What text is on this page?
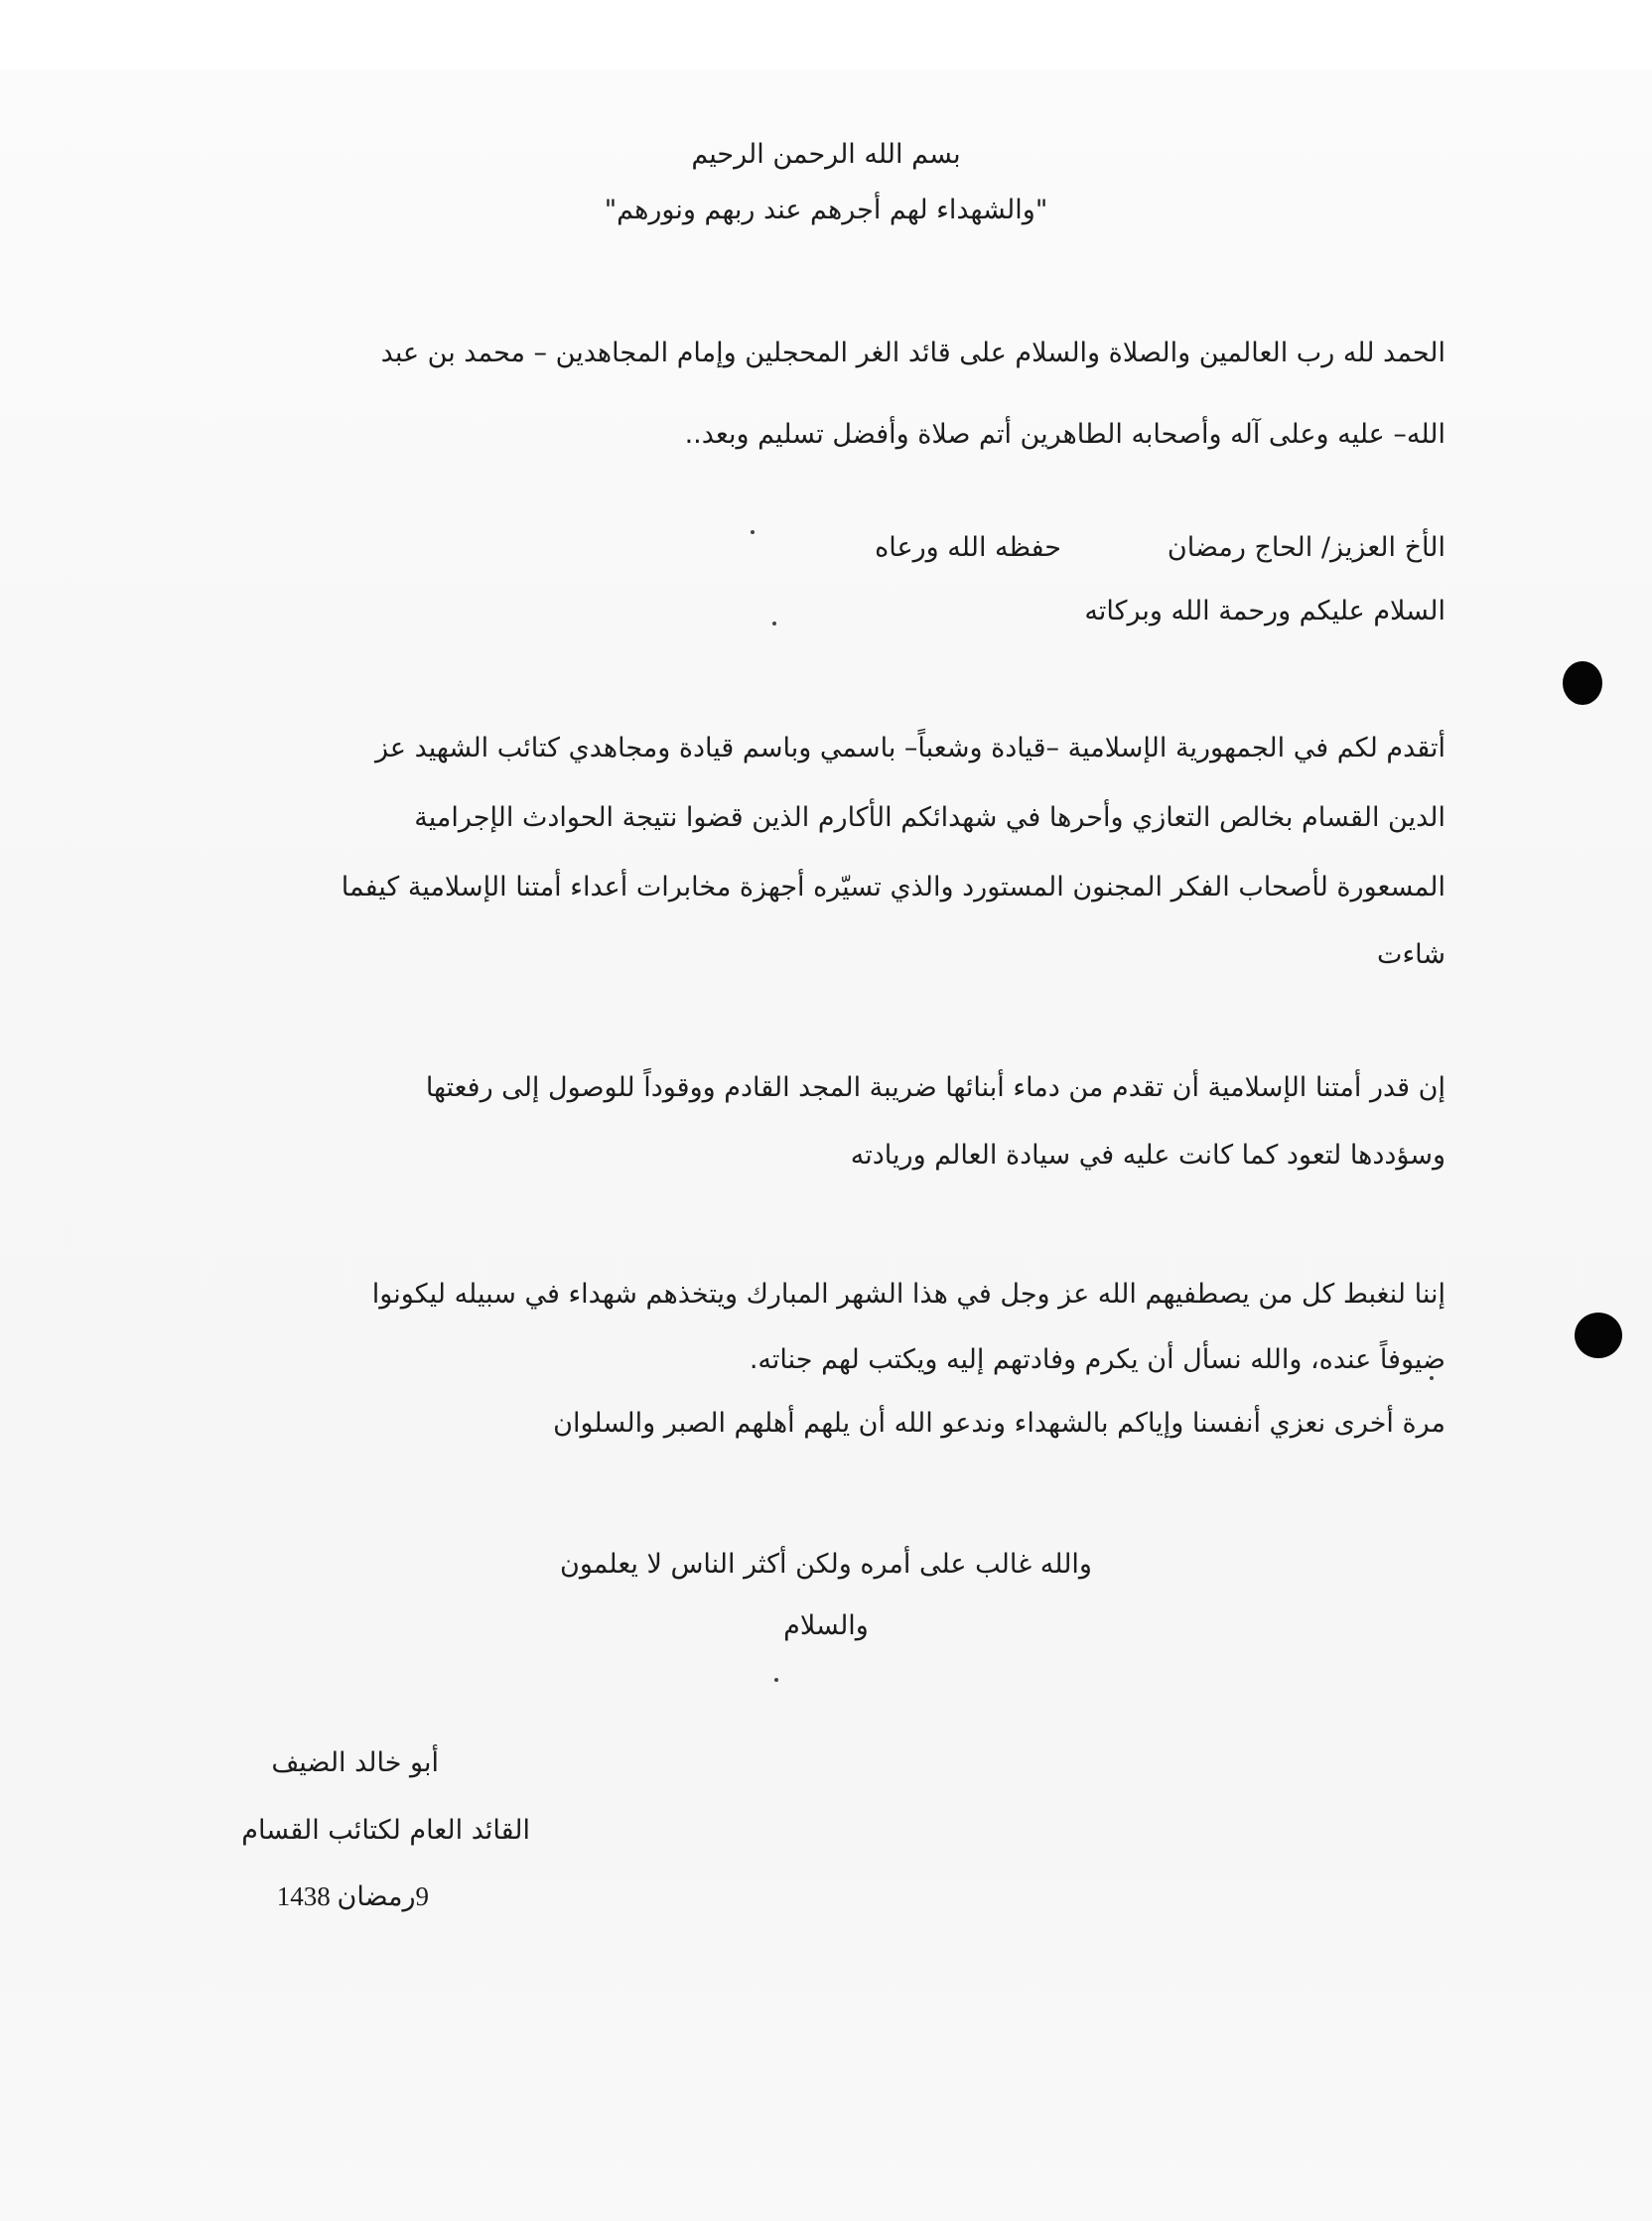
بسم الله الرحمن الرحيم
"والشهداء لهم أجرهم عند ربهم ونورهم"
الحمد لله رب العالمين والصلاة والسلام على قائد الغر المحجلين وإمام المجاهدين – محمد بن عبد
الله– عليه وعلى آله وأصحابه الطاهرين أتم صلاة وأفضل تسليم وبعد..
الأخ العزيز/ الحاج رمضان
حفظه الله ورعاه
السلام عليكم ورحمة الله وبركاته
أتقدم لكم في الجمهورية الإسلامية –قيادة وشعباً– باسمي وباسم قيادة ومجاهدي كتائب الشهيد عز
الدين القسام بخالص التعازي وأحرها في شهدائكم الأكارم الذين قضوا نتيجة الحوادث الإجرامية
المسعورة لأصحاب الفكر المجنون المستورد والذي تسيّره أجهزة مخابرات أعداء أمتنا الإسلامية كيفما
شاءت
إن قدر أمتنا الإسلامية أن تقدم من دماء أبنائها ضريبة المجد القادم ووقوداً للوصول إلى رفعتها
وسؤددها لتعود كما كانت عليه في سيادة العالم وريادته
إننا لنغبط كل من يصطفيهم الله عز وجل في هذا الشهر المبارك ويتخذهم شهداء في سبيله ليكونوا
ضيوفاً عنده، والله نسأل أن يكرم وفادتهم إليه ويكتب لهم جناته.
مرة أخرى نعزي أنفسنا وإياكم بالشهداء وندعو الله أن يلهم أهلهم الصبر والسلوان
والله غالب على أمره ولكن أكثر الناس لا يعلمون
والسلام
أبو خالد الضيف
القائد العام لكتائب القسام
9رمضان 1438
